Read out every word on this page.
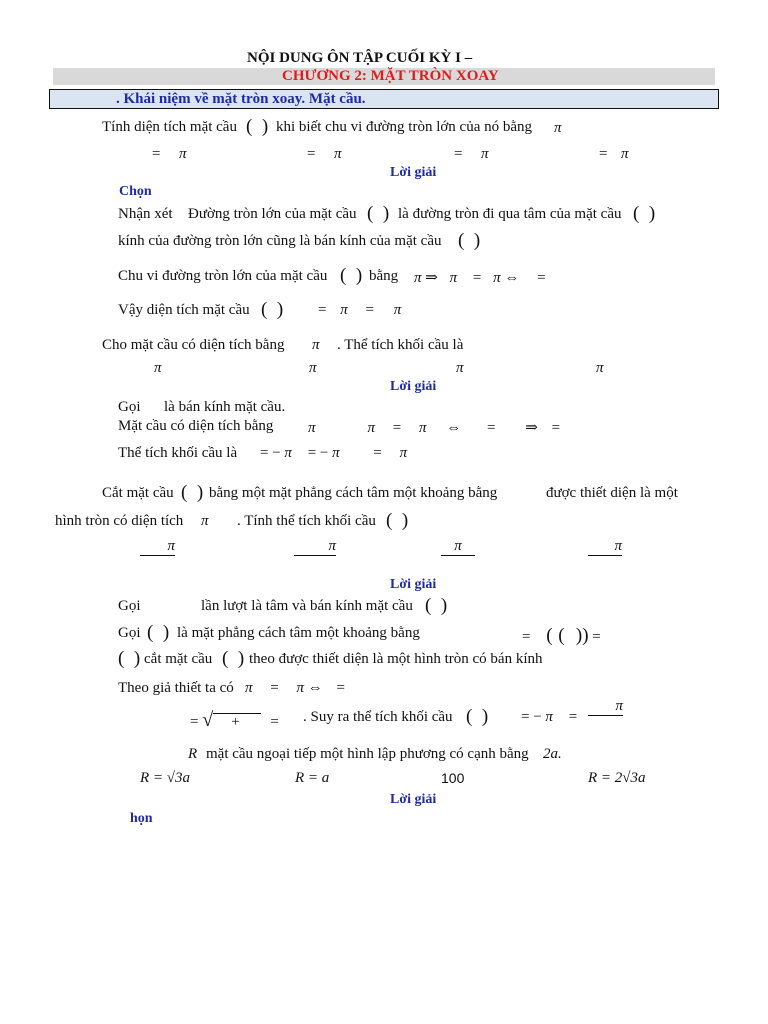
NỘI DUNG ÔN TẬP CUỐI KỲ I –
CHƯƠNG 2: MẶT TRÒN XOAY
. Khái niệm về mặt tròn xoay. Mặt cầu.
Tính diện tích mặt cầu (  ) khi biết chu vi đường tròn lớn của nó bằng π
= π	= π	= π	= π
Lời giải
Chọn
Nhận xét Đường tròn lớn của mặt cầu (  ) là đường tròn đi qua tâm của mặt cầu (  )
kính của đường tròn lớn cũng là bán kính của mặt cầu (  )
Chu vi đường tròn lớn của mặt cầu (  ) bằng π ⇒ π = π ⇔ =
Vậy diện tích mặt cầu (  ) = π = π
Cho mặt cầu có diện tích bằng π . Thể tích khối cầu là
π	π	π	π
Lời giải
Gọi là bán kính mặt cầu.
Mặt cầu có diện tích bằng π	π = π ⇔ = ⇒ =
Thể tích khối cầu là = − π = − π = π
Cắt mặt cầu (  ) bằng một mặt phẳng cách tâm một khoảng bằng	được thiết diện là một
hình tròn có diện tích π . Tính thể tích khối cầu (  )
π	π	π	π
Lời giải
Gọi	lần lượt là tâm và bán kính mặt cầu (  )
Gọi (  ) là mặt phẳng cách tâm một khoảng bằng	= ( ( )) =
(  ) cắt mặt cầu (  ) theo được thiết diện là một hình tròn có bán kính
Theo giả thiết ta có π = π ⇔ =
= √ + = . Suy ra thể tích khối cầu (  ) = − π =
π
R mặt cầu ngoại tiếp một hình lập phương có cạnh bằng 2a.
R = √3a	R = a	100	R = 2√3a
Lời giải
họn
